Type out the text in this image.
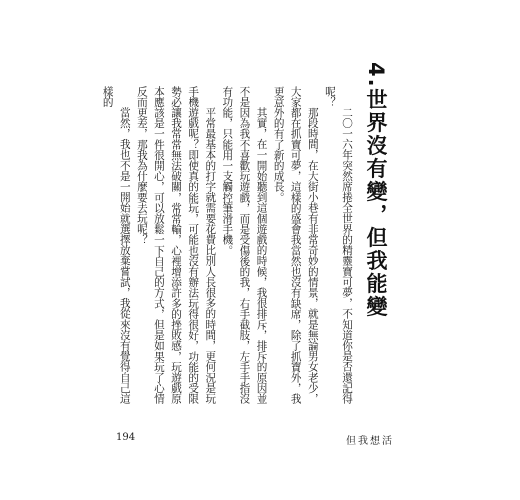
4.世界沒有變，但我能變

二〇一六年突然席捲全世界的精靈寶可夢，不知道你是否還記得呢？

那段時間，在大街小巷有非常奇妙的情景，就是無論男女老少，大家都在抓寶可夢，這樣的盛會我當然也沒有缺席，除了抓寶外，我更意外的有了新的成長。

其實，在一開始聽到這個遊戲的時候，我很排斥，排斥的原因並不是因為我不喜歡玩遊戲，而是受傷後的我，右手截肢，左手手指沒有功能，只能用一支觸控筆滑手機。

平常最基本的打字就需要花費比別人長很多的時間，更何況是玩手機遊戲呢？即使真的能玩，可能也沒有辦法玩得很好，功能的受限勢必讓我常常無法破關，常常輸，心裡增添許多的挫敗感，玩遊戲原本應該是一件很開心，可以放鬆一下自己的方式，但是如果玩了心情反而更差，那我為什麼要去玩呢？

當然，我也不是一開始就選擇放棄嘗試，我從來沒有覺得自己這樣的

194	但我想活
